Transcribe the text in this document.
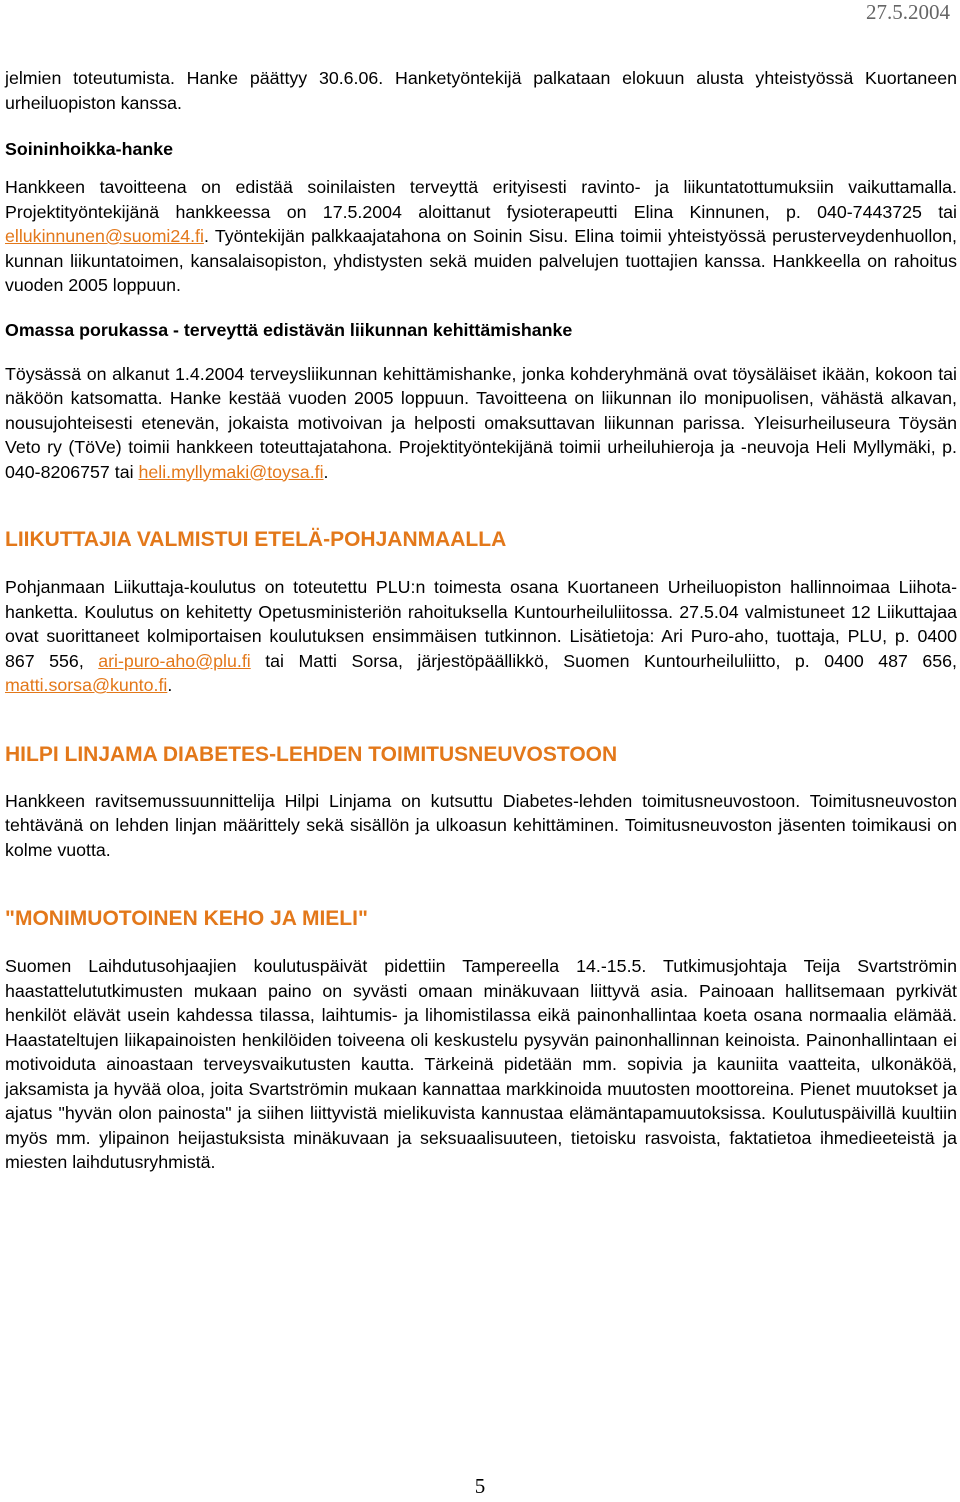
27.5.2004

jelmien toteutumista. Hanke päättyy 30.6.06. Hanketyöntekijä palkataan elokuun alusta yhteistyössä Kuortaneen urheiluopiston kanssa.

Soininhoikka-hanke

Hankkeen tavoitteena on edistää soinilaisten terveyttä erityisesti ravinto- ja liikuntatottumuksiin vaikuttamalla. Projektityöntekijänä hankkeessa on 17.5.2004 aloittanut fysioterapeutti Elina Kinnunen, p. 040-7443725 tai ellukinnunen@suomi24.fi. Työntekijän palkkaajatahona on Soinin Sisu. Elina toimii yhteistyössä perusterveydenhuollon, kunnan liikuntatoimen, kansalaisopiston, yhdistysten sekä muiden palvelujen tuottajien kanssa. Hankkeella on rahoitus vuoden 2005 loppuun.

Omassa porukassa - terveyttä edistävän liikunnan kehittämishanke

Töysässä on alkanut 1.4.2004 terveysliikunnan kehittämishanke, jonka kohderyhmänä ovat töysäläiset ikään, kokoon tai näköön katsomatta. Hanke kestää vuoden 2005 loppuun. Tavoitteena on liikunnan ilo monipuolisen, vähästä alkavan, nousujohteisesti etenevän, jokaista motivoivan ja helposti omaksuttavan liikunnan parissa. Yleisurheiluseura Töysän Veto ry (TöVe) toimii hankkeen toteuttajatahona. Projektityöntekijänä toimii urheiluhieroja ja -neuvoja Heli Myllymäki, p. 040-8206757 tai heli.myllymaki@toysa.fi.

LIIKUTTAJIA VALMISTUI ETELÄ-POHJANMAALLA

Pohjanmaan Liikuttaja-koulutus on toteutettu PLU:n toimesta osana Kuortaneen Urheiluopiston hallinnoimaa Liihota-hanketta. Koulutus on kehitetty Opetusministeriön rahoituksella Kuntourheiluliitossa. 27.5.04 valmistuneet 12 Liikuttajaa ovat suorittaneet kolmiportaisen koulutuksen ensimmäisen tutkinnon. Lisätietoja: Ari Puro-aho, tuottaja, PLU, p. 0400 867 556, ari-puro-aho@plu.fi tai Matti Sorsa, järjestöpäällikkö, Suomen Kuntourheiluliitto, p. 0400 487 656, matti.sorsa@kunto.fi.

HILPI LINJAMA DIABETES-LEHDEN TOIMITUSNEUVOSTOON

Hankkeen ravitsemussuunnittelija Hilpi Linjama on kutsuttu Diabetes-lehden toimitusneuvostoon. Toimitusneuvoston tehtävänä on lehden linjan määrittely sekä sisällön ja ulkoasun kehittäminen. Toimitusneuvoston jäsenten toimikausi on kolme vuotta.

"MONIMUOTOINEN KEHO JA MIELI"

Suomen Laihdutusohjaajien koulutuspäivät pidettiin Tampereella 14.-15.5. Tutkimusjohtaja Teija Svartströmin haastattelututkimusten mukaan paino on syvästi omaan minäkuvaan liittyvä asia. Painoaan hallitsemaan pyrkivät henkilöt elävät usein kahdessa tilassa, laihtumis- ja lihomistilassa eikä painonhallintaa koeta osana normaalia elämää. Haastateltujen liikapainoisten henkilöiden toiveena oli keskustelu pysyvän painonhallinnan keinoista. Painonhallintaan ei motivoiduta ainoastaan terveysvaikutusten kautta. Tärkeinä pidetään mm. sopivia ja kauniita vaatteita, ulkonäköä, jaksamista ja hyvää oloa, joita Svartströmin mukaan kannattaa markkinoida muutosten moottoreina. Pienet muutokset ja ajatus "hyvän olon painosta" ja siihen liittyvistä mielikuvista kannustaa elämäntapamuutoksissa. Koulutuspäivillä kuultiin myös mm. ylipainon heijastuksista minäkuvaan ja seksuaalisuuteen, tietoisku rasvoista, faktatietoa ihmedieeteistä ja miesten laihdutusryhmistä.

5
